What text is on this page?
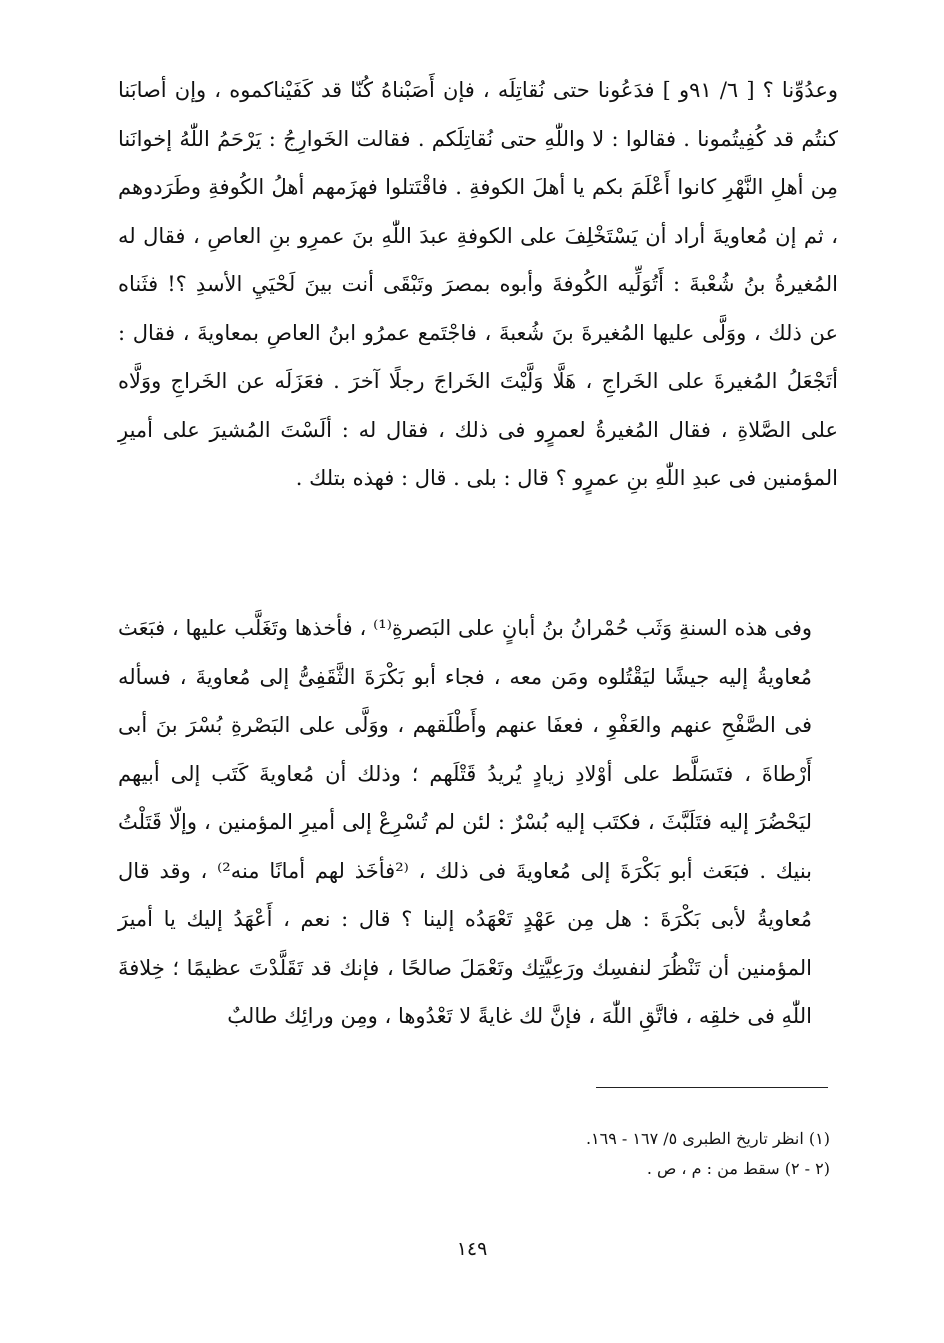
وعدُوِّنا ؟ [ ٦/ ٩١و ] فدَعُونا حتى نُقاتِلَه ، فإن أَصَبْناهُ كُنّا قد كَفَيْناكموه ، وإن أصابَنا كنتُم قد كُفِيتُمونا . فقالوا : لا واللّٰهِ حتى نُقاتِلَكم . فقالت الخَوارِجُ : يَرْحَمُ اللّٰهُ إخوانَنا مِن أهلِ النَّهْرِ كانوا أَعْلَمَ بكم يا أهلَ الكوفةِ . فاقْتَتلوا فهزَمهم أهلُ الكُوفةِ وطَرَدوهم ، ثم إن مُعاويةَ أراد أن يَسْتَخْلِفَ على الكوفةِ عبدَ اللّٰهِ بنَ عمرِو بنِ العاصِ ، فقال له المُغيرةُ بنُ شُعْبةَ : أَتُوَلِّيه الكُوفةَ وأبوه بمصرَ وتَبْقَى أنت بينَ لَحْيَيِ الأسدِ ؟! فثَناه عن ذلك ، ووَلَّى عليها المُغيرةَ بنَ شُعبةَ ، فاجْتَمع عمرُو ابنُ العاصِ بمعاويةَ ، فقال : أتَجْعَلُ المُغيرةَ على الخَراجِ ، هَلَّا وَلَّيْتَ الخَراجَ رجلًا آخرَ . فعَزَلَه عن الخَراجِ ووَلَّاه على الصَّلاةِ ، فقال المُغيرةُ لعمرٍو فى ذلك ، فقال له : ألَسْتَ المُشيرَ على أميرِ المؤمنين فى عبدِ اللّٰهِ بنِ عمرٍو ؟ قال : بلى . قال : فهذه بتلك .

وفى هذه السنةِ وَثَب حُمْرانُ بنُ أبانٍ على البَصرةِ⁽¹⁾ ، فأخذها وتَغَلَّب عليها ، فبَعَث مُعاويةُ إليه جيشًا ليَقْتُلوه ومَن معه ، فجاء أبو بَكْرَةَ الثَّقَفِىُّ إلى مُعاويةَ ، فسأله فى الصَّفْحِ عنهم والعَفْوِ ، فعفَا عنهم وأَطْلَقهم ، ووَلَّى على البَصْرةِ بُسْرَ بنَ أبى أَرْطاةَ ، فتَسَلَّط على أوْلادِ زيادٍ يُريدُ قَتْلَهم ؛ وذلك أن مُعاويةَ كَتَب إلى أبيهم ليَحْضُرَ إليه فتَلَبَّثَ ، فكتَب إليه بُسْرٌ : لئن لم تُسْرِعْ إلى أميرِ المؤمنين ، وإلّا قَتَلْتُ بنيك . فبَعَث أبو بَكْرَةَ إلى مُعاويةَ فى ذلك ، ⁽²فأخَذ لهم أمانًا منه²⁾ ، وقد قال مُعاويةُ لأبى بَكْرَةَ : هل مِن عَهْدٍ تَعْهَدُه إلينا ؟ قال : نعم ، أَعْهَدُ إليك يا أميرَ المؤمنين أن تَنْظُرَ لنفسِك ورَعِيَّتِك وتَعْمَلَ صالحًا ، فإنك قد تَقَلَّدْتَ عظيمًا ؛ خِلافةَ اللّٰهِ فى خلقِه ، فاتَّقِ اللّٰهَ ، فإنَّ لك غايةً لا تَعْدُوها ، ومِن ورائِك طالبٌ

(١) انظر تاريخ الطبرى ٥/ ١٦٧ - ١٦٩.
(٢ - ٢) سقط من : م ، ص .
١٤٩
